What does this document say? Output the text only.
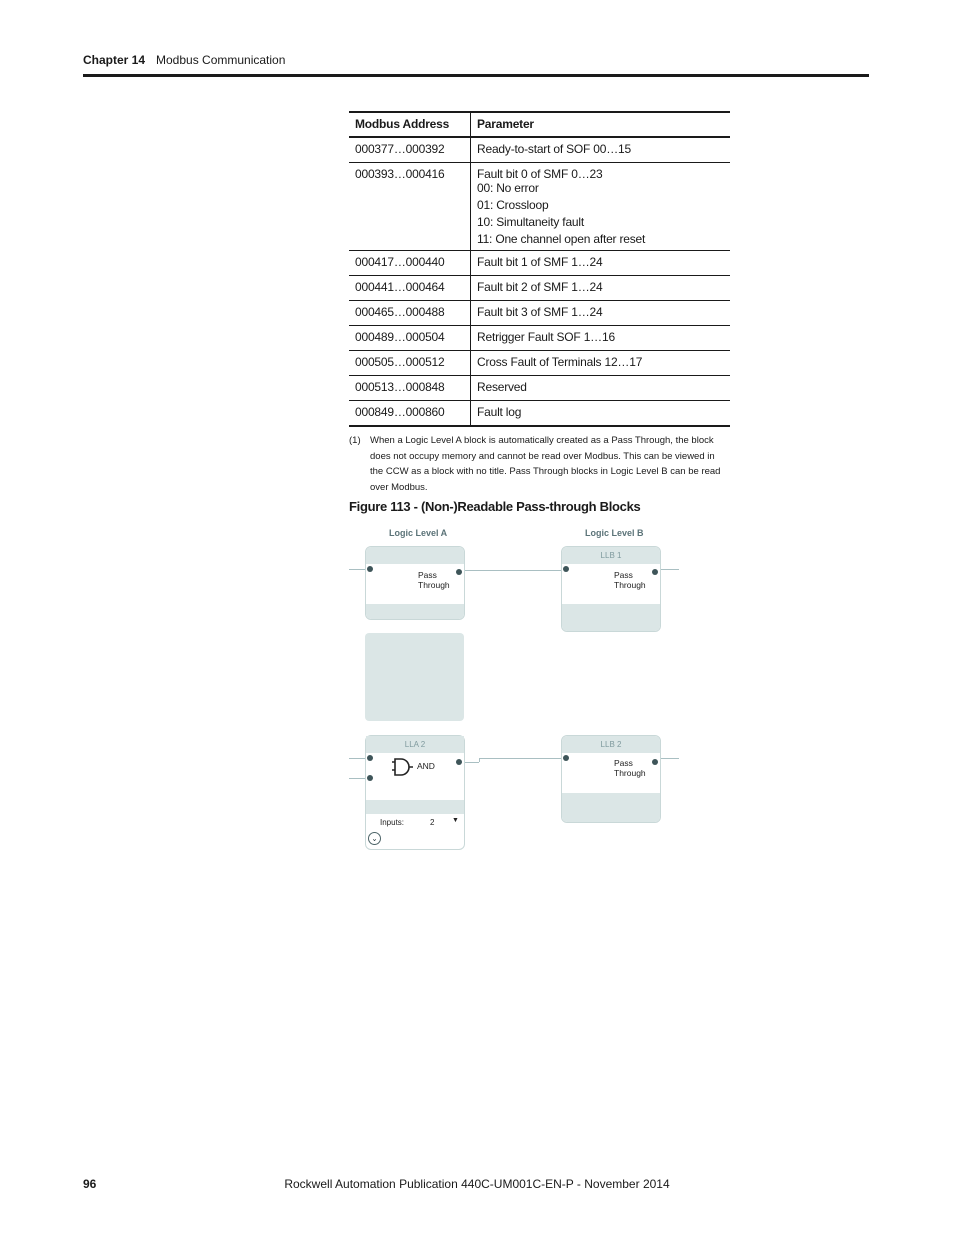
Chapter 14 Modbus Communication
Modbus Address	Parameter
000377…000392	Ready-to-start of SOF 00…15
000393…000416	Fault bit 0 of SMF 0…23
00: No error
01: Crossloop
10: Simultaneity fault
11: One channel open after reset

000417…000440	Fault bit 1 of SMF 1…24
000441…000464	Fault bit 2 of SMF 1…24
000465…000488	Fault bit 3 of SMF 1…24
000489…000504	Retrigger Fault SOF 1…16
000505…000512	Cross Fault of Terminals 12…17
000513…000848	Reserved
000849…000860	Fault log
(1) When a Logic Level A block is automatically created as a Pass Through, the block does not occupy memory and cannot be read over Modbus. This can be viewed in the CCW as a block with no title. Pass Through blocks in Logic Level B can be read over Modbus.
Figure 113 - (Non-)Readable Pass-through Blocks
Logic Level A	Logic Level B
Pass
Through
LLB 1
Pass
Through
LLA 2
AND
Inputs:	2	▼
⌄
LLB 2
Pass
Through
Rockwell Automation Publication 440C-UM001C-EN-P - November 2014
96
